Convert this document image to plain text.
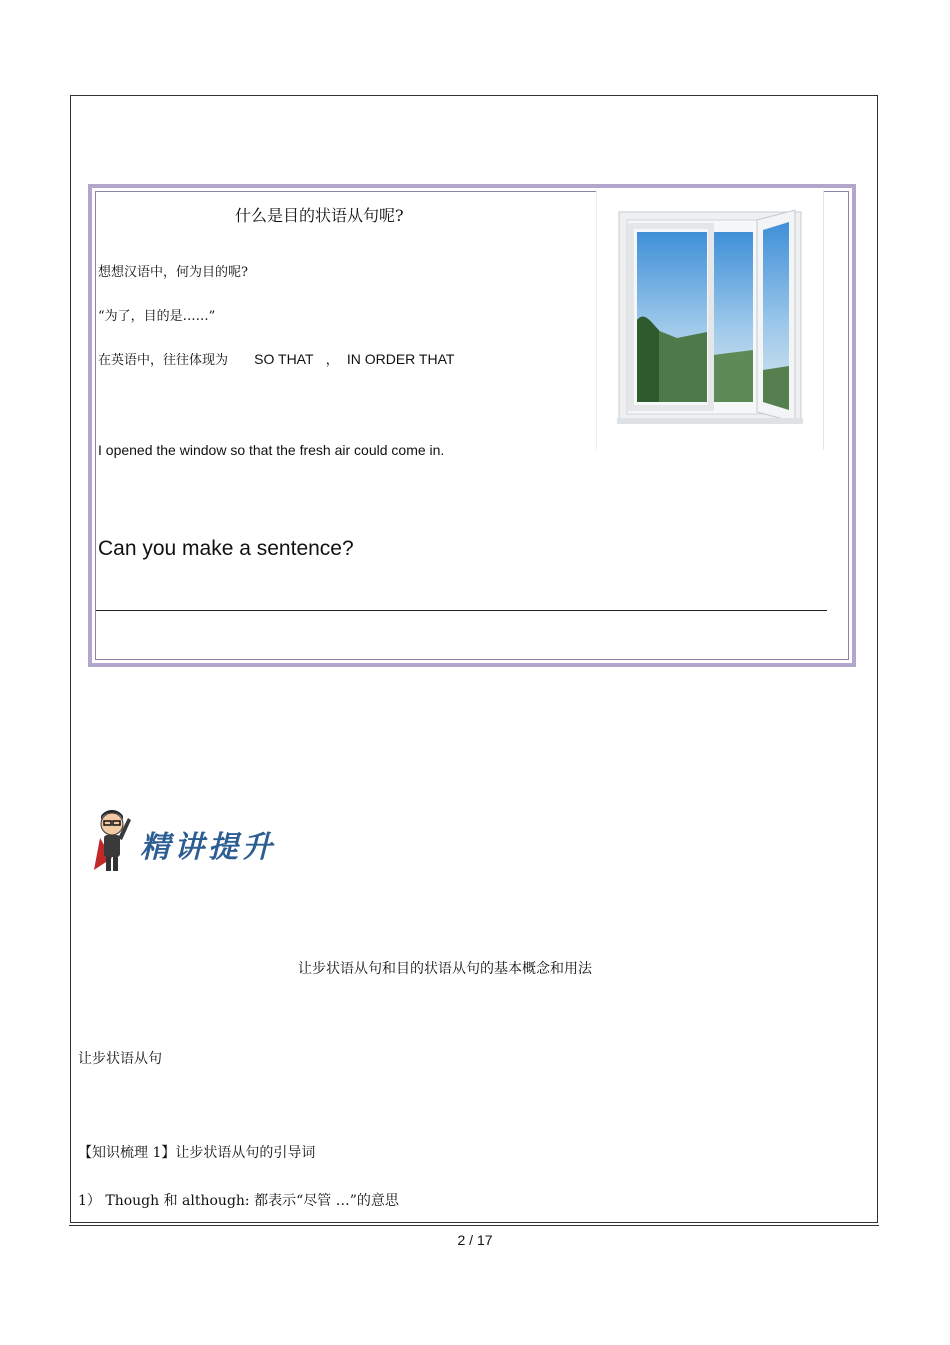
什么是目的状语从句呢?
想想汉语中，何为目的呢?
“为了，目的是……”
在英语中，往往体现为 SO THAT ， IN ORDER THAT
I opened the window so that the fresh air could come in.
Can you make a sentence?
精讲提升
让步状语从句和目的状语从句的基本概念和用法
让步状语从句
【知识梳理 1】让步状语从句的引导词
1） Though 和 although: 都表示“尽管 …”的意思
2 / 17
